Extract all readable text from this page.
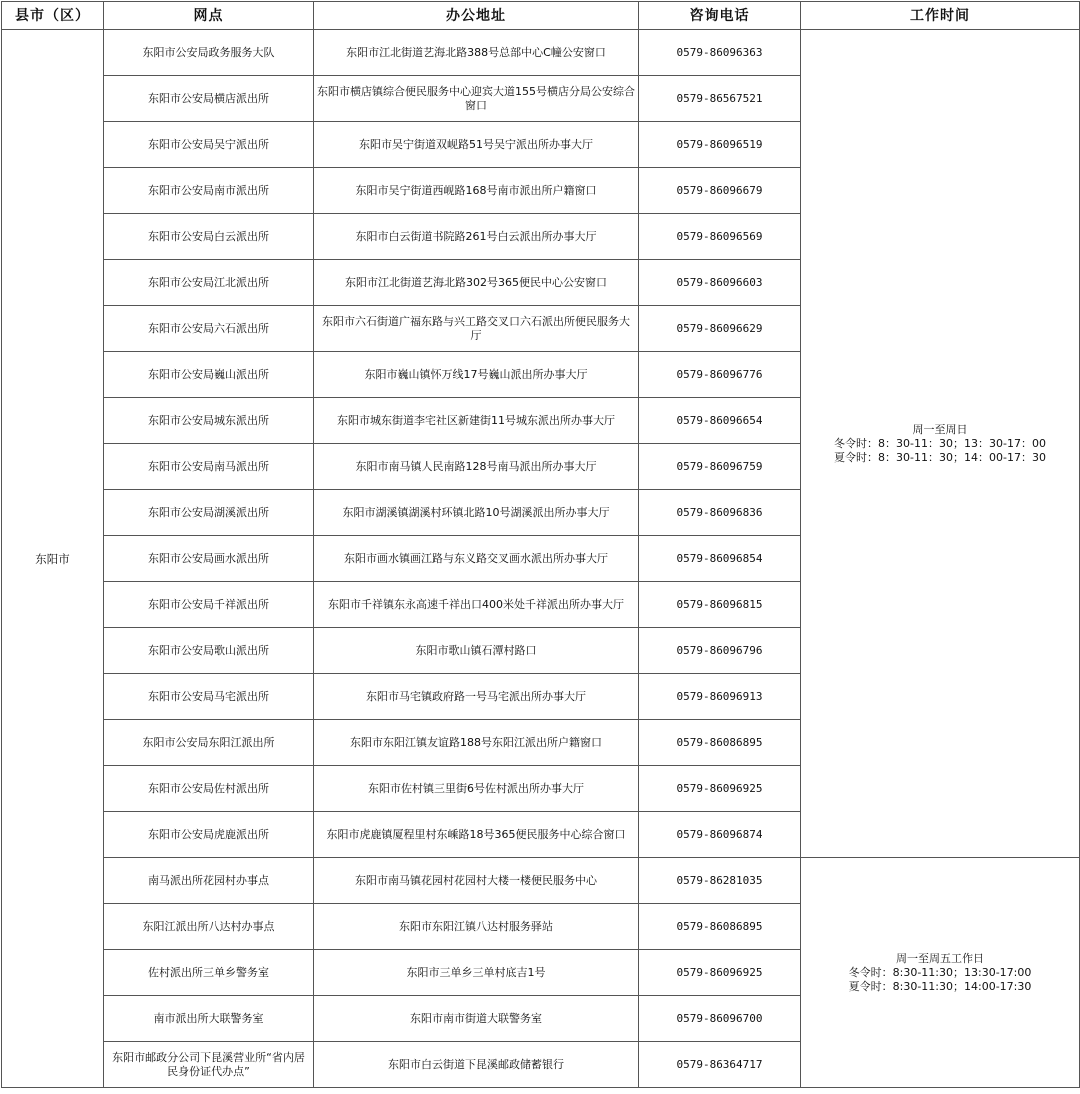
县市（区）	网点	办公地址	咨询电话	工作时间
东阳市	东阳市公安局政务服务大队	东阳市江北街道艺海北路388号总部中心C幢公安窗口	0579-86096363	周一至周日
冬令时：8：30-11：30；13：30-17：00
夏令时：8：30-11：30；14：00-17：30

	东阳市公安局横店派出所	东阳市横店镇综合便民服务中心迎宾大道155号横店分局公安综合窗口	0579-86567521	
	东阳市公安局吴宁派出所	东阳市吴宁街道双岘路51号吴宁派出所办事大厅	0579-86096519	
	东阳市公安局南市派出所	东阳市吴宁街道西岘路168号南市派出所户籍窗口	0579-86096679	
	东阳市公安局白云派出所	东阳市白云街道书院路261号白云派出所办事大厅	0579-86096569	
	东阳市公安局江北派出所	东阳市江北街道艺海北路302号365便民中心公安窗口	0579-86096603	
	东阳市公安局六石派出所	东阳市六石街道广福东路与兴工路交叉口六石派出所便民服务大厅	0579-86096629	
	东阳市公安局巍山派出所	东阳市巍山镇怀万线17号巍山派出所办事大厅	0579-86096776	
	东阳市公安局城东派出所	东阳市城东街道李宅社区新建街11号城东派出所办事大厅	0579-86096654	
	东阳市公安局南马派出所	东阳市南马镇人民南路128号南马派出所办事大厅	0579-86096759	
	东阳市公安局湖溪派出所	东阳市湖溪镇湖溪村环镇北路10号湖溪派出所办事大厅	0579-86096836	
	东阳市公安局画水派出所	东阳市画水镇画江路与东义路交叉画水派出所办事大厅	0579-86096854	
	东阳市公安局千祥派出所	东阳市千祥镇东永高速千祥出口400米处千祥派出所办事大厅	0579-86096815	
	东阳市公安局歌山派出所	东阳市歌山镇石潭村路口	0579-86096796	
	东阳市公安局马宅派出所	东阳市马宅镇政府路一号马宅派出所办事大厅	0579-86096913	
	东阳市公安局东阳江派出所	东阳市东阳江镇友谊路188号东阳江派出所户籍窗口	0579-86086895	
	东阳市公安局佐村派出所	东阳市佐村镇三里街6号佐村派出所办事大厅	0579-86096925	
	东阳市公安局虎鹿派出所	东阳市虎鹿镇厦程里村东嵊路18号365便民服务中心综合窗口	0579-86096874	
	南马派出所花园村办事点	东阳市南马镇花园村花园村大楼一楼便民服务中心	0579-86281035	周一至周五工作日
冬令时：8:30-11:30；13:30-17:00
夏令时：8:30-11:30；14:00-17:30

	东阳江派出所八达村办事点	东阳市东阳江镇八达村服务驿站	0579-86086895	
	佐村派出所三单乡警务室	东阳市三单乡三单村底吉1号	0579-86096925	
	南市派出所大联警务室	东阳市南市街道大联警务室	0579-86096700	
	东阳市邮政分公司下昆溪营业所“省内居民身份证代办点”	东阳市白云街道下昆溪邮政储蓄银行	0579-86364717	
